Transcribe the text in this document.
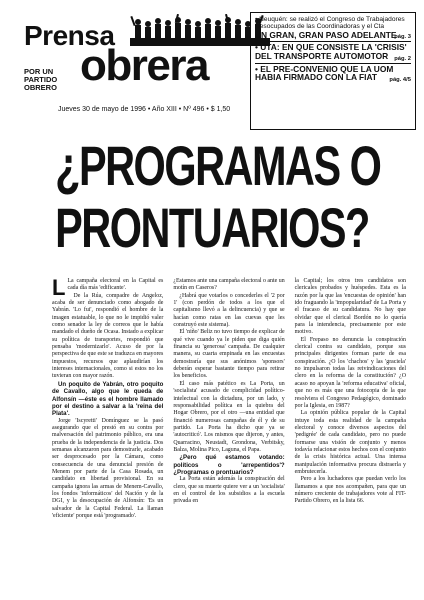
Prensa
obrera
POR UN
PARTIDO
OBRERO
Jueves 30 de mayo de 1996 • Año XIII • Nº 496 • $ 1,50
• Neuquén: se realizó el Congreso de Trabajadores Desocupados de las Coordinadoras y el Cta
UN GRAN, GRAN PASO ADELANTE
pág. 3
• UTA: EN QUE CONSISTE LA 'CRISIS' DEL TRANSPORTE AUTOMOTOR	pág. 2
• EL PRE-CONVENIO QUE LA UOM HABIA FIRMADO CON LA FIAT	pág. 4/5
¿PROGRAMAS O
PRONTUARIOS?

L La campaña electoral en la Capital es cada día más 'edificante'.

De la Rúa, compadre de Angeloz, acaba de ser denunciado como abogado de Yabrán. 'Lo fui', respondió el hombre de la imagen estatuable, lo que no le impidió valer como senador la ley de correos que le había mandado el dueño de Ocasa. Instado a explicar su política de transportes, respondió que pensaba 'modernizarlo'. Acuso de por la perspectiva de que este se traduzca en mayores impuestos, recursos que aplaudirían los intereses internacionales, como si estos no los tuvieran con mayor razón.

Un poquito de Yabrán, otro poquito de Cavallo, algo que le queda de Alfonsín —éste es el hombre llamado por el destino a salvar a la 'reina del Plata'.

Jorge 'Iscyretti' Domínguez se la pasó asegurando que el prestó en su contra por malversación del patrimonio público, era una prueba de la independencia de la justicia. Dos semanas alcanzaron para demostrarle, acabado ser desprocesado por la Cámara, como consecuencia de una denuncial presión de Menem por parte de la Casa Rosada, un candidato en libertad provisional. En su campaña ignora las armas de Menem-Cavallo, los fondos 'informáticos' del Nación y de la DGI, y la desocupación de Alfonsín: 'Es un salvador de la Capital Federal. La llaman 'eficiente' porque está 'programado'.

¿Estamos ante una campaña electoral o ante un motín en Caseros?

¿Habrá que votarlos o concederles el '2 por 1' (con perdón de todos a los que el capitalismo llevó a la delincuencia) y que se hacían como ratas en las cuevas que les construyó este sistema).

El 'niño' Beliz no tuvo tiempo de explicar de qué vive cuando ya le piden que diga quién financia su 'generosa' campaña. De cualquier manera, su cuarta empinada en las encuestas demostraría que sus anónimos 'sponsors' deberán esperar bastante tiempo para retirar los beneficios.

El caso más patético es La Porta, un 'socialista' acusado de complicidad político-intelectual con la dictadura, por un lado, y responsabilidad política en la quiebra del Hogar Obrero, por el otro —una entidad que financió numerosas campañas de él y de su partido. La Porta ha dicho que ya se 'autocriticó'. Los mismos que dijeron, y antes, Quarracino, Neustadt, Grondona, Verbitsky, Balza, Molina Pico, Laguna, el Papa.

¿Pero qué estamos votando: políticos o 'arrepentidos'? ¿Programas o prontuarios?

La Porta están además la conspiración del clero, que su muerte quiere ver a un 'socialista' en el control de los subsidios a la escuela privada en

la Capital; los otros tres candidatos son clericales probados y huéspedes. Esta es la razón por la que las 'encuestas de opinión' han ido fraguando la 'impopularidad' de La Porta y el fracaso de su candidatura. No hay que olvidar que el clerical Bordón no lo quería para la intendencia, precisamente por este motivo.

El Frepaso no denuncia la conspiración clerical contra su candidato, porque sus principales dirigentes forman parte de esa conspiración. ¿O los 'chachos' y las 'graciela' no impulsaron todas las reivindicaciones del clero en la reforma de la constitución? ¿O acaso no apoyan la 'reforma educativa' oficial, que no es más que una fotocopia de la que resolviera el Congreso Pedagógico, dominado por la Iglesia, en 1987?

La opinión pública popular de la Capital intuye toda esta realidad de la campaña electoral y conoce diversos aspectos del 'pedigrée' de cada candidato, pero no puede formarse una visión de conjunto y menos todavía relacionar estos hechos con el conjunto de la crisis histórica actual. Una intensa manipulación informativa procura distraerla y embrutecerla.

Pero a los luchadores que puedan verlo los llamamos a que nos acompañen, para que un número creciente de trabajadores vote al FIT-Partido Obrero, en la lista 66.
